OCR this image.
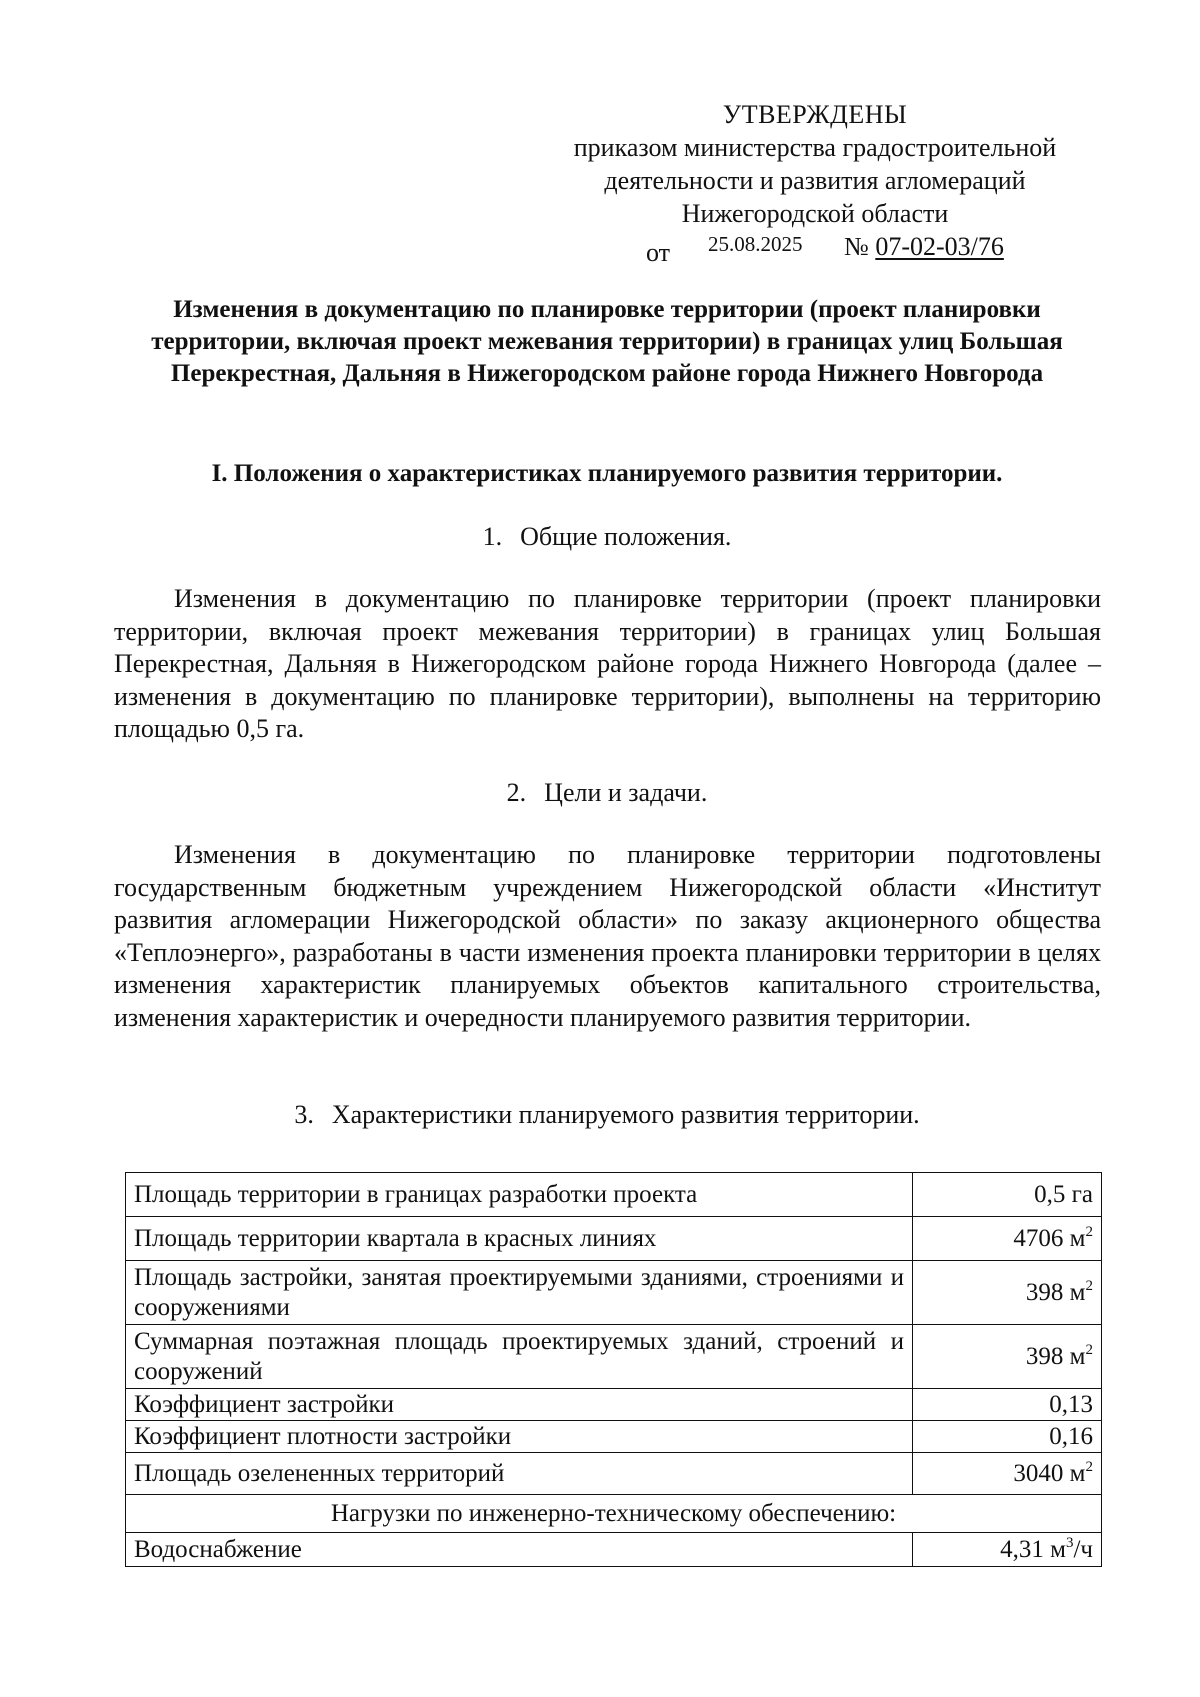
УТВЕРЖДЕНЫ
приказом министерства градостроительной
деятельности и развития агломераций
Нижегородской области
от 25.08.2025 № 07-02-03/76
Изменения в документацию по планировке территории (проект планировки территории, включая проект межевания территории) в границах улиц Большая Перекрестная, Дальняя в Нижегородском районе города Нижнего Новгорода
I. Положения о характеристиках планируемого развития территории.
1. Общие положения.

Изменения в документацию по планировке территории (проект планировки территории, включая проект межевания территории) в границах улиц Большая Перекрестная, Дальняя в Нижегородском районе города Нижнего Новгорода (далее – изменения в документацию по планировке территории), выполнены на территорию площадью 0,5 га.

2. Цели и задачи.

Изменения в документацию по планировке территории подготовлены государственным бюджетным учреждением Нижегородской области «Институт развития агломерации Нижегородской области» по заказу акционерного общества «Теплоэнерго», разработаны в части изменения проекта планировки территории в целях изменения характеристик планируемых объектов капитального строительства, изменения характеристик и очередности планируемого развития территории.

3. Характеристики планируемого развития территории.
Площадь территории в границах разработки проекта	0,5 га
Площадь территории квартала в красных линиях	4706 $м^2$
Площадь застройки, занятая проектируемыми зданиями, строениями и сооружениями	398 $м^2$
Суммарная поэтажная площадь проектируемых зданий, строений и сооружений	398 $м^2$
Коэффициент застройки	0,13
Коэффициент плотности застройки	0,16
Площадь озелененных территорий	3040 $м^2$
Нагрузки по инженерно-техническому обеспечению:	
Водоснабжение	4,31 $м^3/ч$
